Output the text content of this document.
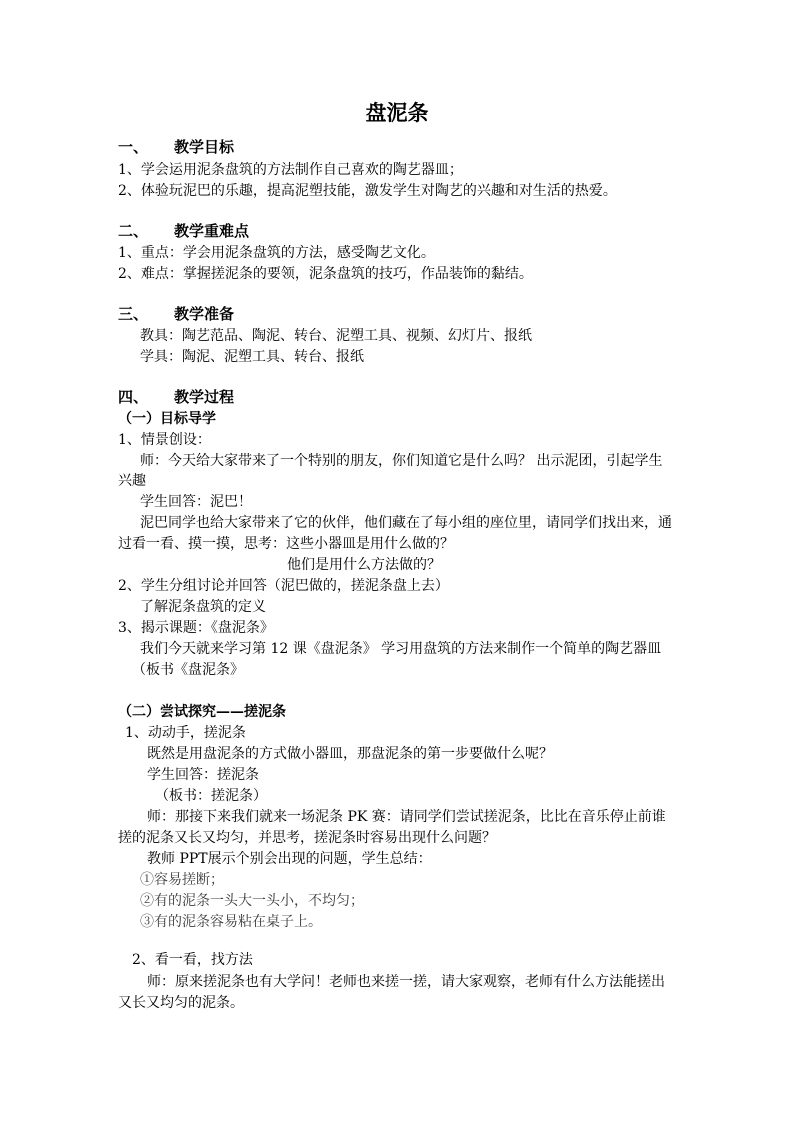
盘泥条
一、 教学目标
1、学会运用泥条盘筑的方法制作自己喜欢的陶艺器皿；
2、体验玩泥巴的乐趣，提高泥塑技能，激发学生对陶艺的兴趣和对生活的热爱。
二、 教学重难点
1、重点：学会用泥条盘筑的方法，感受陶艺文化。
2、难点：掌握搓泥条的要领，泥条盘筑的技巧，作品装饰的黏结。
三、 教学准备
教具：陶艺范品、陶泥、转台、泥塑工具、视频、幻灯片、报纸
学具：陶泥、泥塑工具、转台、报纸
四、 教学过程
（一）目标导学
1、情景创设：
师：今天给大家带来了一个特别的朋友，你们知道它是什么吗？ 出示泥团，引起学生
兴趣
学生回答：泥巴！
泥巴同学也给大家带来了它的伙伴，他们藏在了每小组的座位里，请同学们找出来，通
过看一看、摸一摸，思考：这些小器皿是用什么做的？
他们是用什么方法做的？
2、学生分组讨论并回答（泥巴做的，搓泥条盘上去）
了解泥条盘筑的定义
3、揭示课题：《盘泥条》
我们今天就来学习第 12 课《盘泥条》 学习用盘筑的方法来制作一个简单的陶艺器皿
（板书《盘泥条》
（二）尝试探究——搓泥条
1、动动手，搓泥条
既然是用盘泥条的方式做小器皿，那盘泥条的第一步要做什么呢？
学生回答：搓泥条
（板书：搓泥条）
师：那接下来我们就来一场泥条 PK 赛：请同学们尝试搓泥条，比比在音乐停止前谁
搓的泥条又长又均匀，并思考，搓泥条时容易出现什么问题？
教师 PPT展示个别会出现的问题，学生总结：
①容易搓断；
②有的泥条一头大一头小，不均匀；
③有的泥条容易粘在桌子上。
2、看一看，找方法
师：原来搓泥条也有大学问！老师也来搓一搓，请大家观察，老师有什么方法能搓出
又长又均匀的泥条。
